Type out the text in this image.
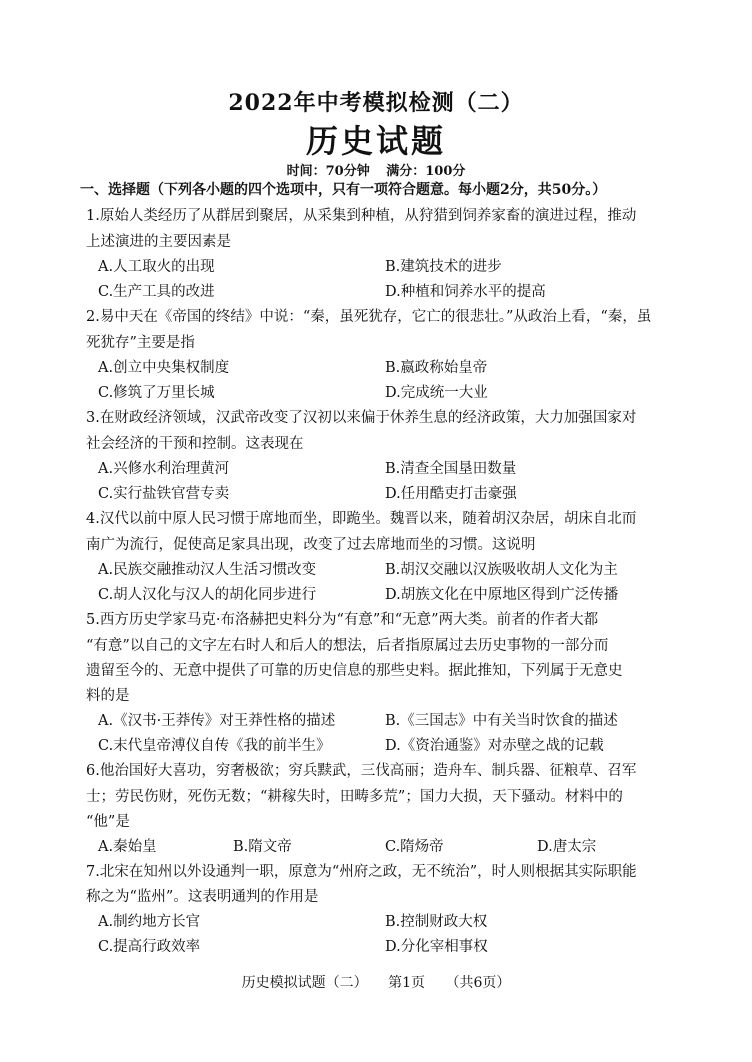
2022年中考模拟检测（二）
历史试题
时间：70分钟 满分：100分
一、选择题（下列各小题的四个选项中，只有一项符合题意。每小题2分，共50分。）
1.原始人类经历了从群居到聚居，从采集到种植，从狩猎到饲养家畜的演进过程，推动
上述演进的主要因素是
A.人工取火的出现	B.建筑技术的进步
C.生产工具的改进	D.种植和饲养水平的提高
2.易中天在《帝国的终结》中说：“秦，虽死犹存，它亡的很悲壮。”从政治上看，“秦，虽
死犹存”主要是指
A.创立中央集权制度	B.嬴政称始皇帝
C.修筑了万里长城	D.完成统一大业
3.在财政经济领域，汉武帝改变了汉初以来偏于休养生息的经济政策，大力加强国家对
社会经济的干预和控制。这表现在
A.兴修水利治理黄河	B.清查全国垦田数量
C.实行盐铁官营专卖	D.任用酷吏打击豪强
4.汉代以前中原人民习惯于席地而坐，即跪坐。魏晋以来，随着胡汉杂居，胡床自北而
南广为流行，促使高足家具出现，改变了过去席地而坐的习惯。这说明
A.民族交融推动汉人生活习惯改变	B.胡汉交融以汉族吸收胡人文化为主
C.胡人汉化与汉人的胡化同步进行	D.胡族文化在中原地区得到广泛传播
5.西方历史学家马克·布洛赫把史料分为“有意”和“无意”两大类。前者的作者大都
“有意”以自己的文字左右时人和后人的想法，后者指原属过去历史事物的一部分而
遗留至今的、无意中提供了可靠的历史信息的那些史料。据此推知，下列属于无意史
料的是
A.《汉书·王莽传》对王莽性格的描述	B.《三国志》中有关当时饮食的描述
C.末代皇帝溥仪自传《我的前半生》	D.《资治通鉴》对赤壁之战的记载
6.他治国好大喜功，穷奢极欲；穷兵黩武，三伐高丽；造舟车、制兵器、征粮草、召军
士；劳民伤财，死伤无数；“耕稼失时，田畴多荒”；国力大损，天下骚动。材料中的
“他”是
A.秦始皇	B.隋文帝	C.隋炀帝	D.唐太宗
7.北宋在知州以外设通判一职，原意为“州府之政，无不统治”，时人则根据其实际职能
称之为“监州”。这表明通判的作用是
A.制约地方长官	B.控制财政大权
C.提高行政效率	D.分化宰相事权
历史模拟试题（二） 第1页 （共6页）
